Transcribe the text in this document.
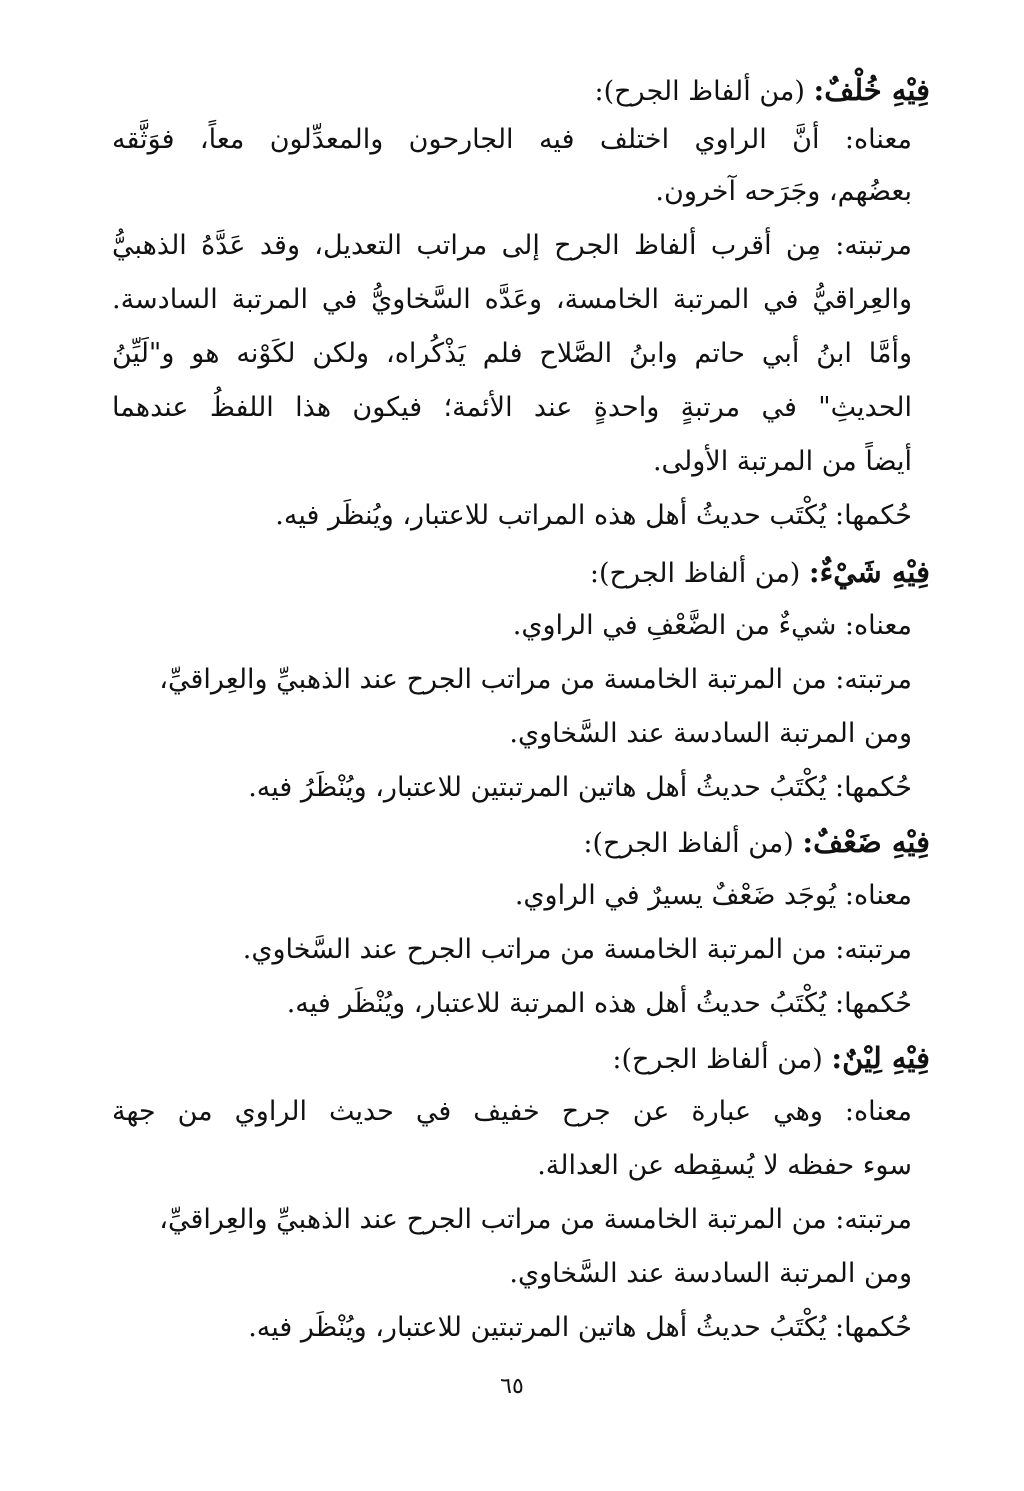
فِيْهِ خُلْفٌ: (من ألفاظ الجرح):
معناه: أنَّ الراوي اختلف فيه الجارحون والمعدِّلون معاً، فوَثَّقه
بعضُهم، وجَرَحه آخرون.
مرتبته: مِن أقرب ألفاظ الجرح إلى مراتب التعديل، وقد عَدَّهُ الذهبيُّ
والعِراقيُّ في المرتبة الخامسة، وعَدَّه السَّخاويُّ في المرتبة السادسة.
وأمَّا ابنُ أبي حاتم وابنُ الصَّلاح فلم يَذْكُراه، ولكن لكَوْنه هو و"لَيِّنُ
الحديثِ" في مرتبةٍ واحدةٍ عند الأئمة؛ فيكون هذا اللفظُ عندهما
أيضاً من المرتبة الأولى.
حُكمها: يُكْتَب حديثُ أهل هذه المراتب للاعتبار، ويُنظَر فيه.
فِيْهِ شَيْءٌ: (من ألفاظ الجرح):
معناه: شيءٌ من الضَّعْفِ في الراوي.
مرتبته: من المرتبة الخامسة من مراتب الجرح عند الذهبيِّ والعِراقيِّ،
ومن المرتبة السادسة عند السَّخاوي.
حُكمها: يُكْتَبُ حديثُ أهل هاتين المرتبتين للاعتبار، ويُنْظَرُ فيه.
فِيْهِ ضَعْفٌ: (من ألفاظ الجرح):
معناه: يُوجَد ضَعْفٌ يسيرٌ في الراوي.
مرتبته: من المرتبة الخامسة من مراتب الجرح عند السَّخاوي.
حُكمها: يُكْتَبُ حديثُ أهل هذه المرتبة للاعتبار، ويُنْظَر فيه.
فِيْهِ لِيْنٌ: (من ألفاظ الجرح):
معناه: وهي عبارة عن جرح خفيف في حديث الراوي من جهة
سوء حفظه لا يُسقِطه عن العدالة.
مرتبته: من المرتبة الخامسة من مراتب الجرح عند الذهبيِّ والعِراقيِّ،
ومن المرتبة السادسة عند السَّخاوي.
حُكمها: يُكْتَبُ حديثُ أهل هاتين المرتبتين للاعتبار، ويُنْظَر فيه.
٦٥
